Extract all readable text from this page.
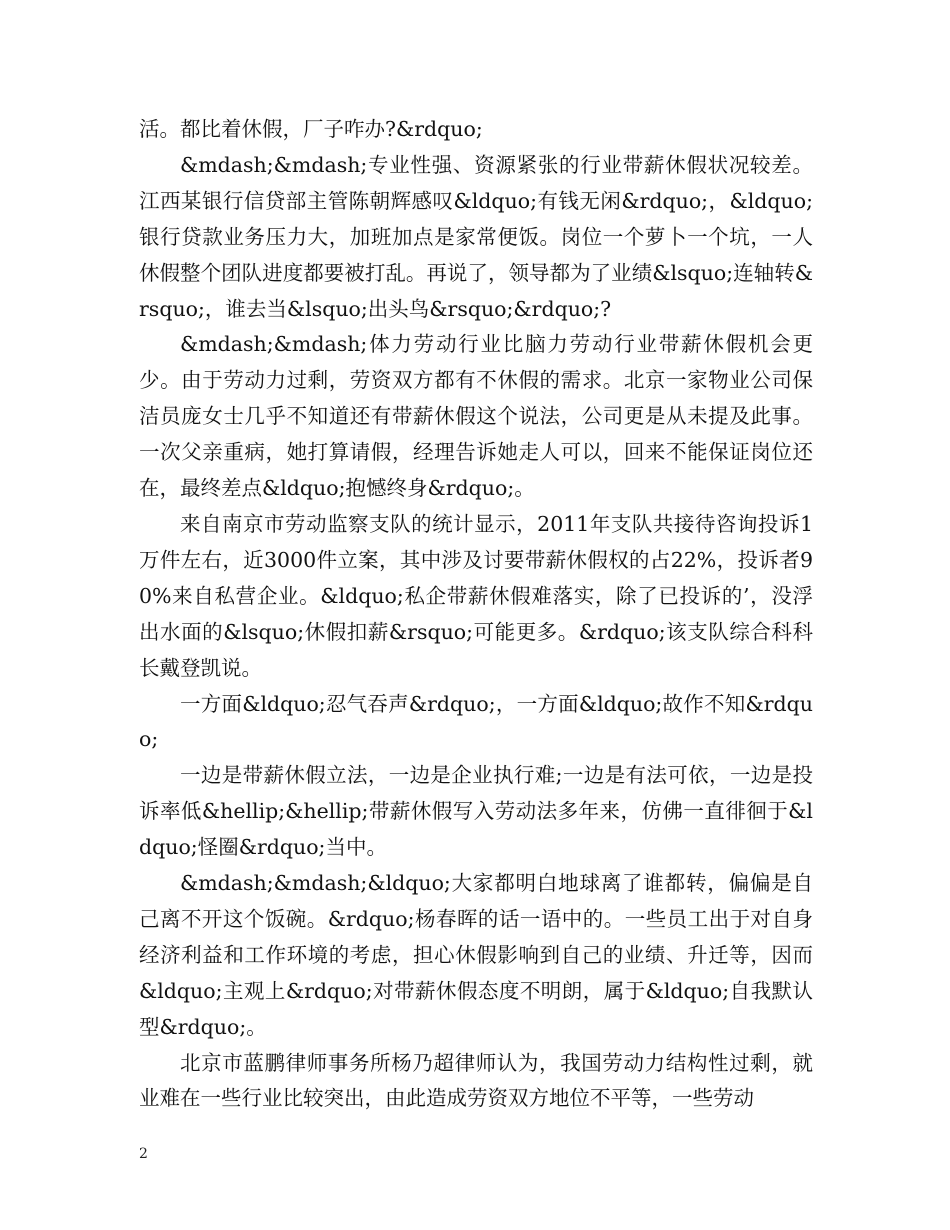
活。都比着休假，厂子咋办?&rdquo;

&mdash;&mdash;专业性强、资源紧张的行业带薪休假状况较差。江西某银行信贷部主管陈朝辉感叹&ldquo;有钱无闲&rdquo;，&ldquo;银行贷款业务压力大，加班加点是家常便饭。岗位一个萝卜一个坑，一人休假整个团队进度都要被打乱。再说了，领导都为了业绩&lsquo;连轴转&rsquo;，谁去当&lsquo;出头鸟&rsquo;&rdquo;?

&mdash;&mdash;体力劳动行业比脑力劳动行业带薪休假机会更少。由于劳动力过剩，劳资双方都有不休假的需求。北京一家物业公司保洁员庞女士几乎不知道还有带薪休假这个说法，公司更是从未提及此事。一次父亲重病，她打算请假，经理告诉她走人可以，回来不能保证岗位还在，最终差点&ldquo;抱憾终身&rdquo;。

来自南京市劳动监察支队的统计显示，2011年支队共接待咨询投诉1万件左右，近3000件立案，其中涉及讨要带薪休假权的占22%，投诉者90%来自私营企业。&ldquo;私企带薪休假难落实，除了已投诉的’，没浮出水面的&lsquo;休假扣薪&rsquo;可能更多。&rdquo;该支队综合科科长戴登凯说。

一方面&ldquo;忍气吞声&rdquo;，一方面&ldquo;故作不知&rdquo;

一边是带薪休假立法，一边是企业执行难;一边是有法可依，一边是投诉率低&hellip;&hellip;带薪休假写入劳动法多年来，仿佛一直徘徊于&ldquo;怪圈&rdquo;当中。

&mdash;&mdash;&ldquo;大家都明白地球离了谁都转，偏偏是自己离不开这个饭碗。&rdquo;杨春晖的话一语中的。一些员工出于对自身经济利益和工作环境的考虑，担心休假影响到自己的业绩、升迁等，因而&ldquo;主观上&rdquo;对带薪休假态度不明朗，属于&ldquo;自我默认型&rdquo;。

北京市蓝鹏律师事务所杨乃超律师认为，我国劳动力结构性过剩，就业难在一些行业比较突出，由此造成劳资双方地位不平等，一些劳动

2
